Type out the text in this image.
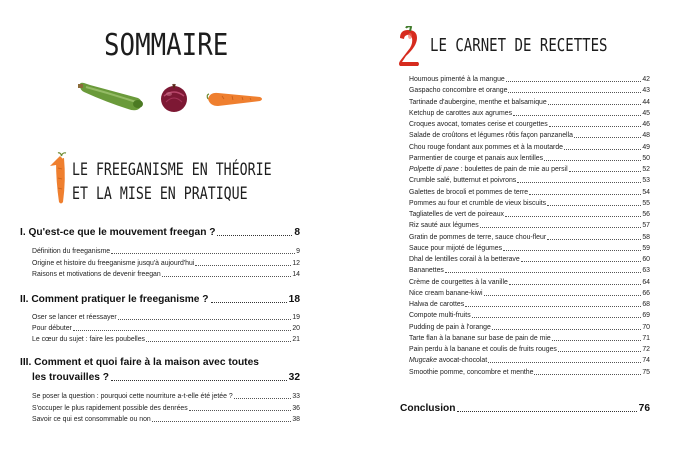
SOMMAIRE
LE FREEGANISME EN THÉORIE
ET LA MISE EN PRATIQUE
I. Qu'est-ce que le mouvement freegan ?	8
Définition du freeganisme	9
Origine et histoire du freeganisme jusqu'à aujourd'hui	12
Raisons et motivations de devenir freegan	14
II. Comment pratiquer le freeganisme ?	18
Oser se lancer et réessayer	19
Pour débuter	20
Le cœur du sujet : faire les poubelles	21
III. Comment et quoi faire à la maison avec toutes
les trouvailles ?	32
Se poser la question : pourquoi cette nourriture a-t-elle été jetée ?	33
S'occuper le plus rapidement possible des denrées	36
Savoir ce qui est consommable ou non	38
LE CARNET DE RECETTES
Houmous pimenté à la mangue	42
Gaspacho concombre et orange	43
Tartinade d'aubergine, menthe et balsamique	44
Ketchup de carottes aux agrumes	45
Croques avocat, tomates cerise et courgettes	46
Salade de croûtons et légumes rôtis façon panzanella	48
Chou rouge fondant aux pommes et à la moutarde	49
Parmentier de courge et panais aux lentilles	50
Polpette di pane : boulettes de pain de mie au persil	52
Crumble salé, butternut et poivrons	53
Galettes de brocoli et pommes de terre	54
Pommes au four et crumble de vieux biscuits	55
Tagliatelles de vert de poireaux	56
Riz sauté aux légumes	57
Gratin de pommes de terre, sauce chou-fleur	58
Sauce pour mijoté de légumes	59
Dhal de lentilles corail à la betterave	60
Bananettes	63
Crème de courgettes à la vanille	64
Nice cream banane-kiwi	66
Halwa de carottes	68
Compote multi-fruits	69
Pudding de pain à l'orange	70
Tarte flan à la banane sur base de pain de mie	71
Pain perdu à la banane et coulis de fruits rouges	72
Mugcake avocat-chocolat	74
Smoothie pomme, concombre et menthe	75
Conclusion	76
